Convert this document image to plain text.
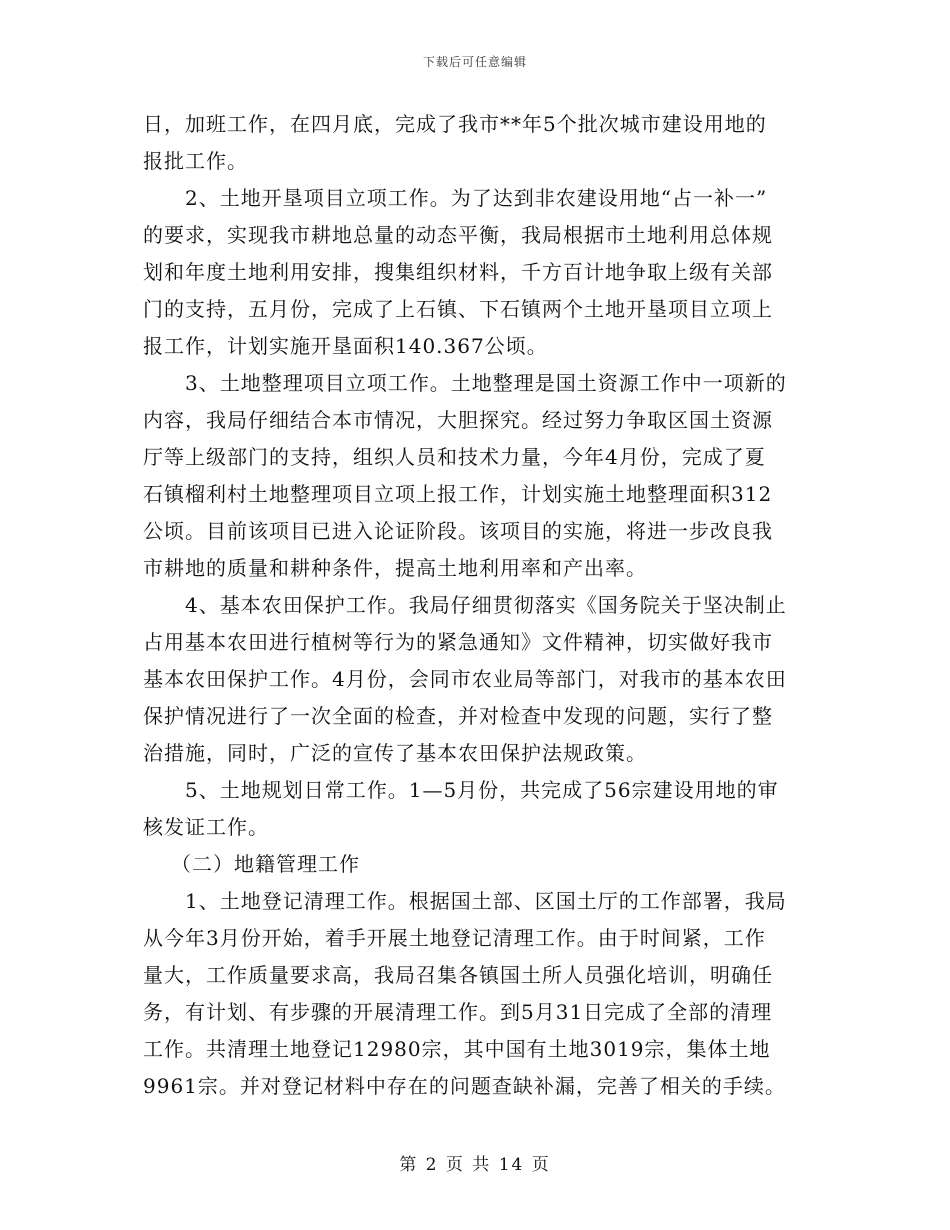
下载后可任意编辑
日，加班工作，在四月底，完成了我市**年5个批次城市建设用地的
报批工作。
2、土地开垦项目立项工作。为了达到非农建设用地“占一补一”
的要求，实现我市耕地总量的动态平衡，我局根据市土地利用总体规
划和年度土地利用安排，搜集组织材料，千方百计地争取上级有关部
门的支持，五月份，完成了上石镇、下石镇两个土地开垦项目立项上
报工作，计划实施开垦面积140.367公顷。
3、土地整理项目立项工作。土地整理是国土资源工作中一项新的
内容，我局仔细结合本市情况，大胆探究。经过努力争取区国土资源
厅等上级部门的支持，组织人员和技术力量，今年4月份，完成了夏
石镇榴利村土地整理项目立项上报工作，计划实施土地整理面积312
公顷。目前该项目已进入论证阶段。该项目的实施，将进一步改良我
市耕地的质量和耕种条件，提高土地利用率和产出率。
4、基本农田保护工作。我局仔细贯彻落实《国务院关于坚决制止
占用基本农田进行植树等行为的紧急通知》文件精神，切实做好我市
基本农田保护工作。4月份，会同市农业局等部门，对我市的基本农田
保护情况进行了一次全面的检查，并对检查中发现的问题，实行了整
治措施，同时，广泛的宣传了基本农田保护法规政策。
5、土地规划日常工作。1—5月份，共完成了56宗建设用地的审
核发证工作。
（二）地籍管理工作
1、土地登记清理工作。根据国土部、区国土厅的工作部署，我局
从今年3月份开始，着手开展土地登记清理工作。由于时间紧，工作
量大，工作质量要求高，我局召集各镇国土所人员强化培训，明确任
务，有计划、有步骤的开展清理工作。到5月31日完成了全部的清理
工作。共清理土地登记12980宗，其中国有土地3019宗，集体土地
9961宗。并对登记材料中存在的问题查缺补漏，完善了相关的手续。
第 2 页 共 14 页
